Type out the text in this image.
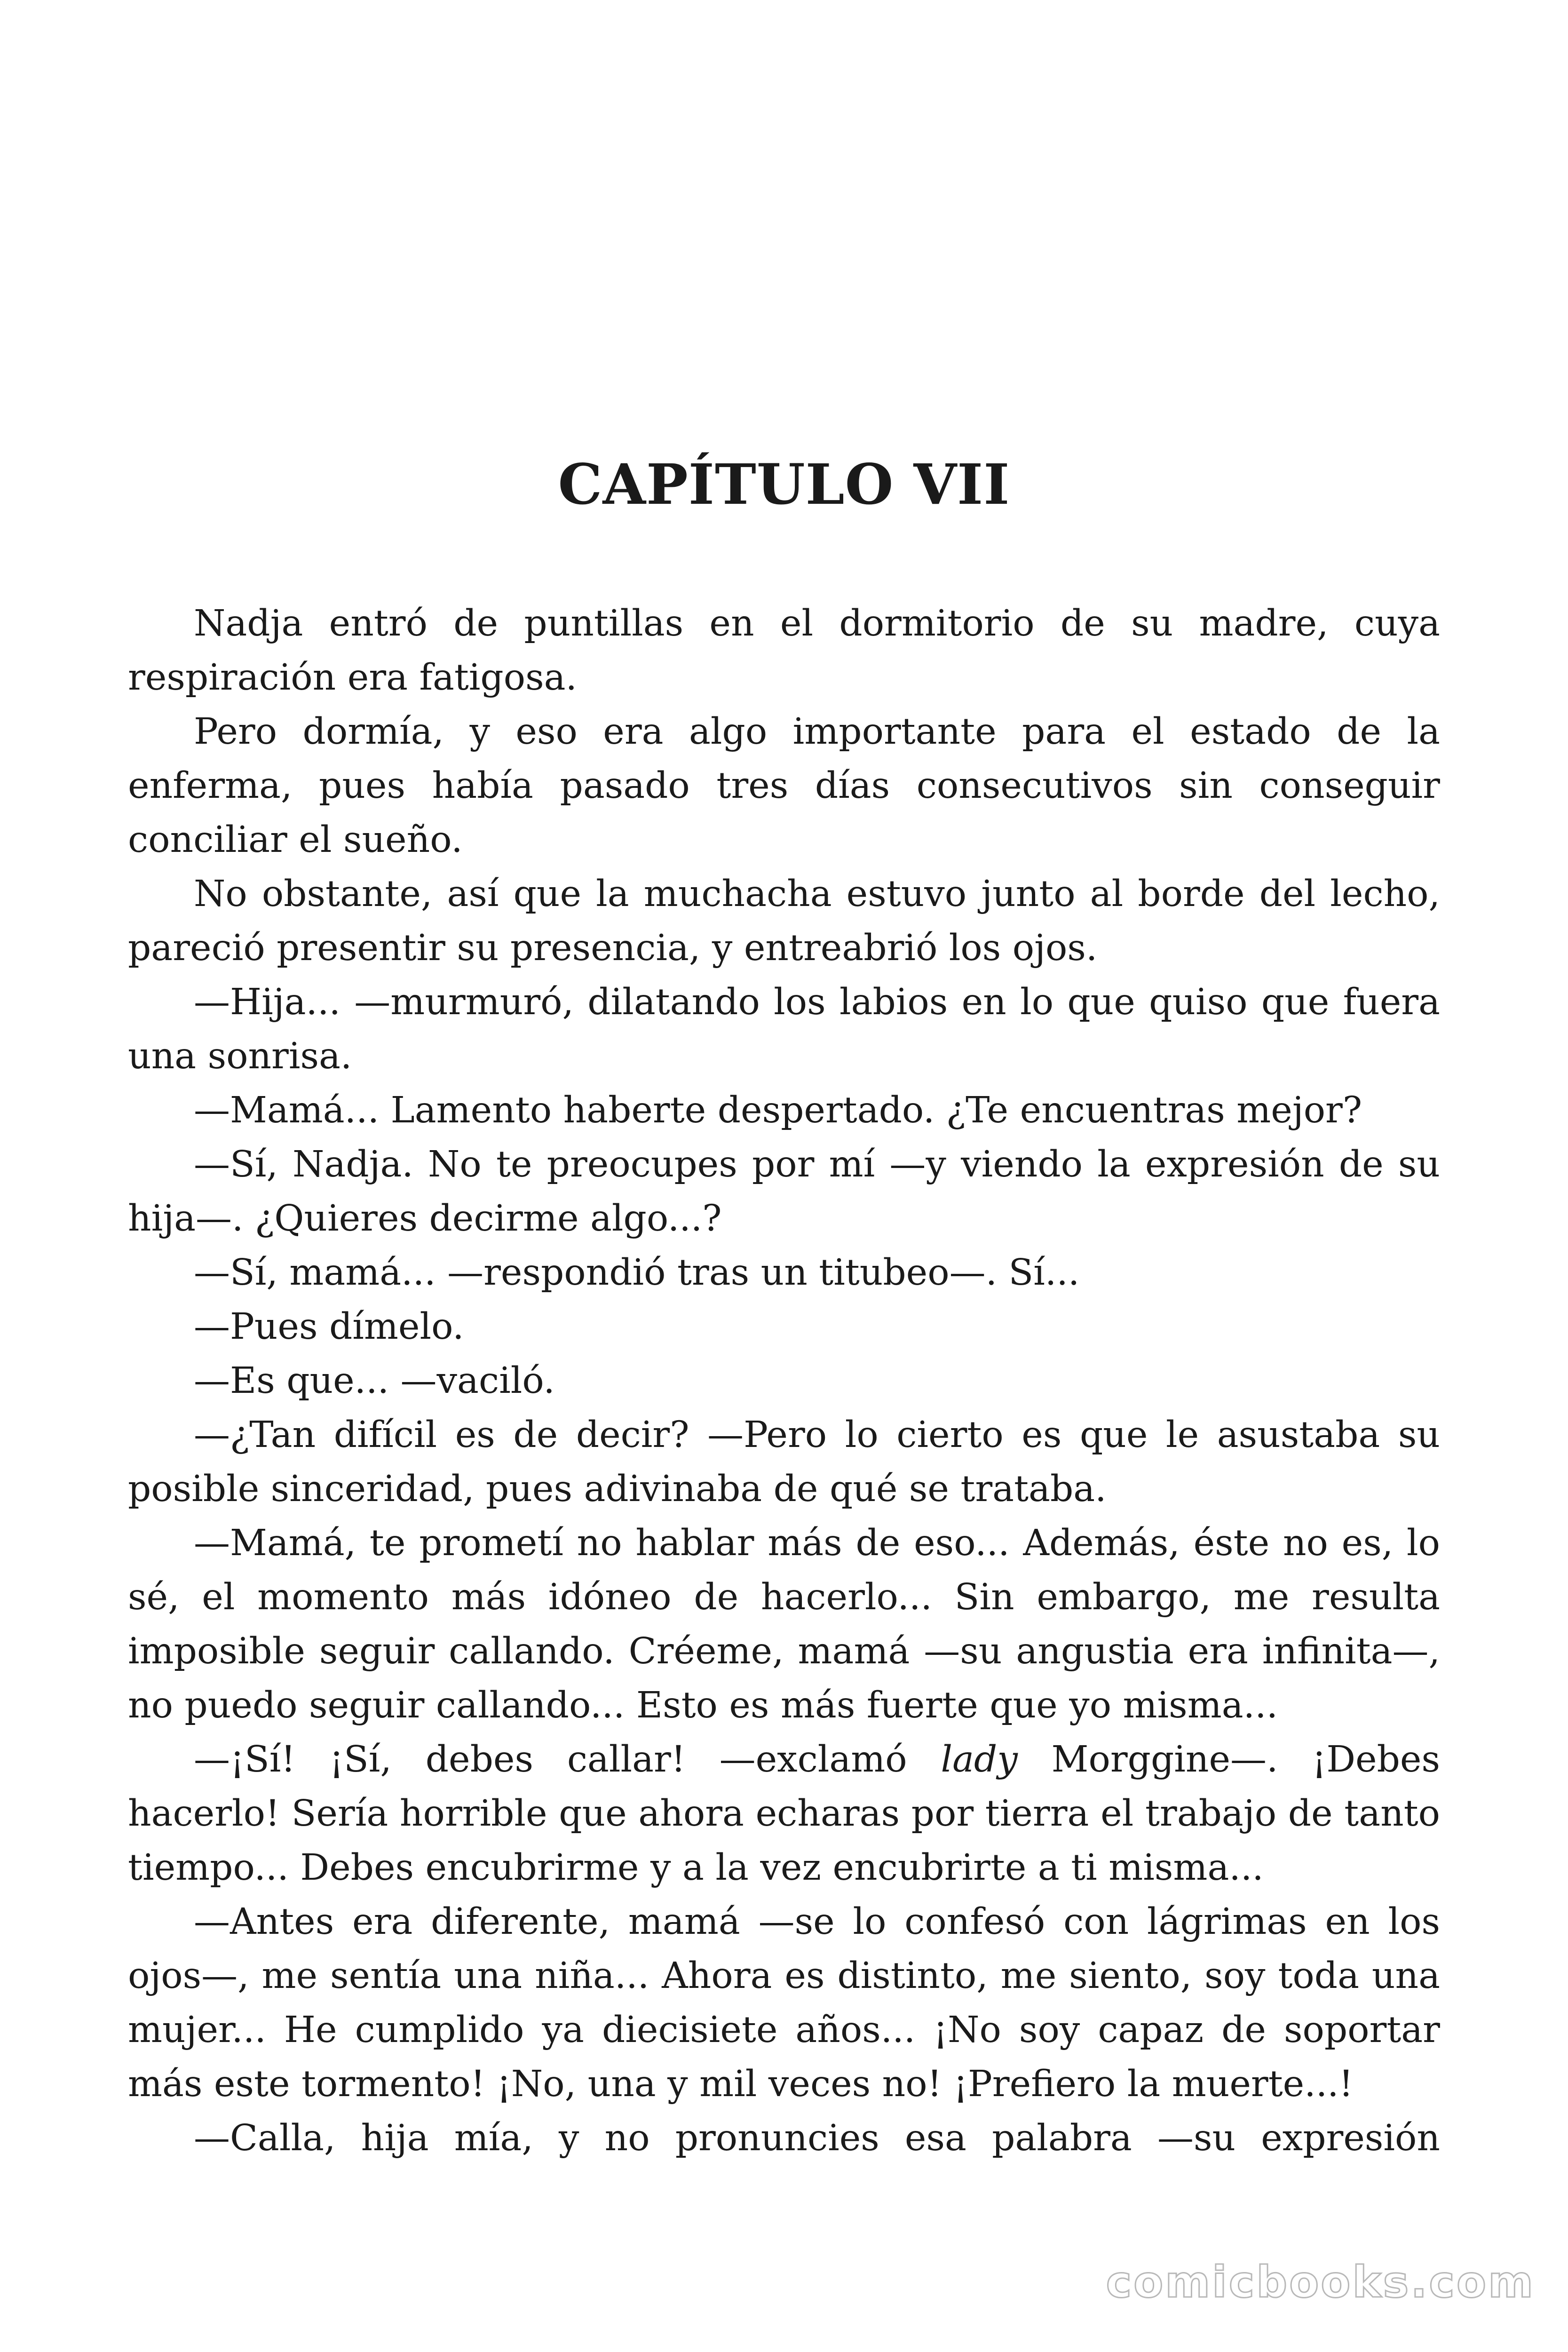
CAPÍTULO VII

Nadja entró de puntillas en el dormitorio de su madre, cuya respiración era fatigosa.

Pero dormía, y eso era algo importante para el estado de la enferma, pues había pasado tres días consecutivos sin conseguir conciliar el sueño.

No obstante, así que la muchacha estuvo junto al borde del lecho, pareció presentir su presencia, y entreabrió los ojos.

—Hija... —murmuró, dilatando los labios en lo que quiso que fuera una sonrisa.

—Mamá... Lamento haberte despertado. ¿Te encuentras mejor?

—Sí, Nadja. No te preocupes por mí —y viendo la expresión de su hija—. ¿Quieres decirme algo...?

—Sí, mamá... —respondió tras un titubeo—. Sí...

—Pues dímelo.

—Es que... —vaciló.

—¿Tan difícil es de decir? —Pero lo cierto es que le asustaba su posible sinceridad, pues adivinaba de qué se trataba.

—Mamá, te prometí no hablar más de eso... Además, éste no es, lo sé, el momento más idóneo de hacerlo... Sin embargo, me resulta imposible seguir callando. Créeme, mamá —su angustia era infinita—, no puedo seguir callando... Esto es más fuerte que yo misma...

—¡Sí! ¡Sí, debes callar! —exclamó lady Morggine—. ¡Debes hacerlo! Sería horrible que ahora echaras por tierra el trabajo de tanto tiempo... Debes encubrirme y a la vez encubrirte a ti misma...

—Antes era diferente, mamá —se lo confesó con lágrimas en los ojos—, me sentía una niña... Ahora es distinto, me siento, soy toda una mujer... He cumplido ya diecisiete años... ¡No soy capaz de soportar más este tormento! ¡No, una y mil veces no! ¡Prefiero la muerte...!

—Calla, hija mía, y no pronuncies esa palabra —su expresión

comicbooks.com
